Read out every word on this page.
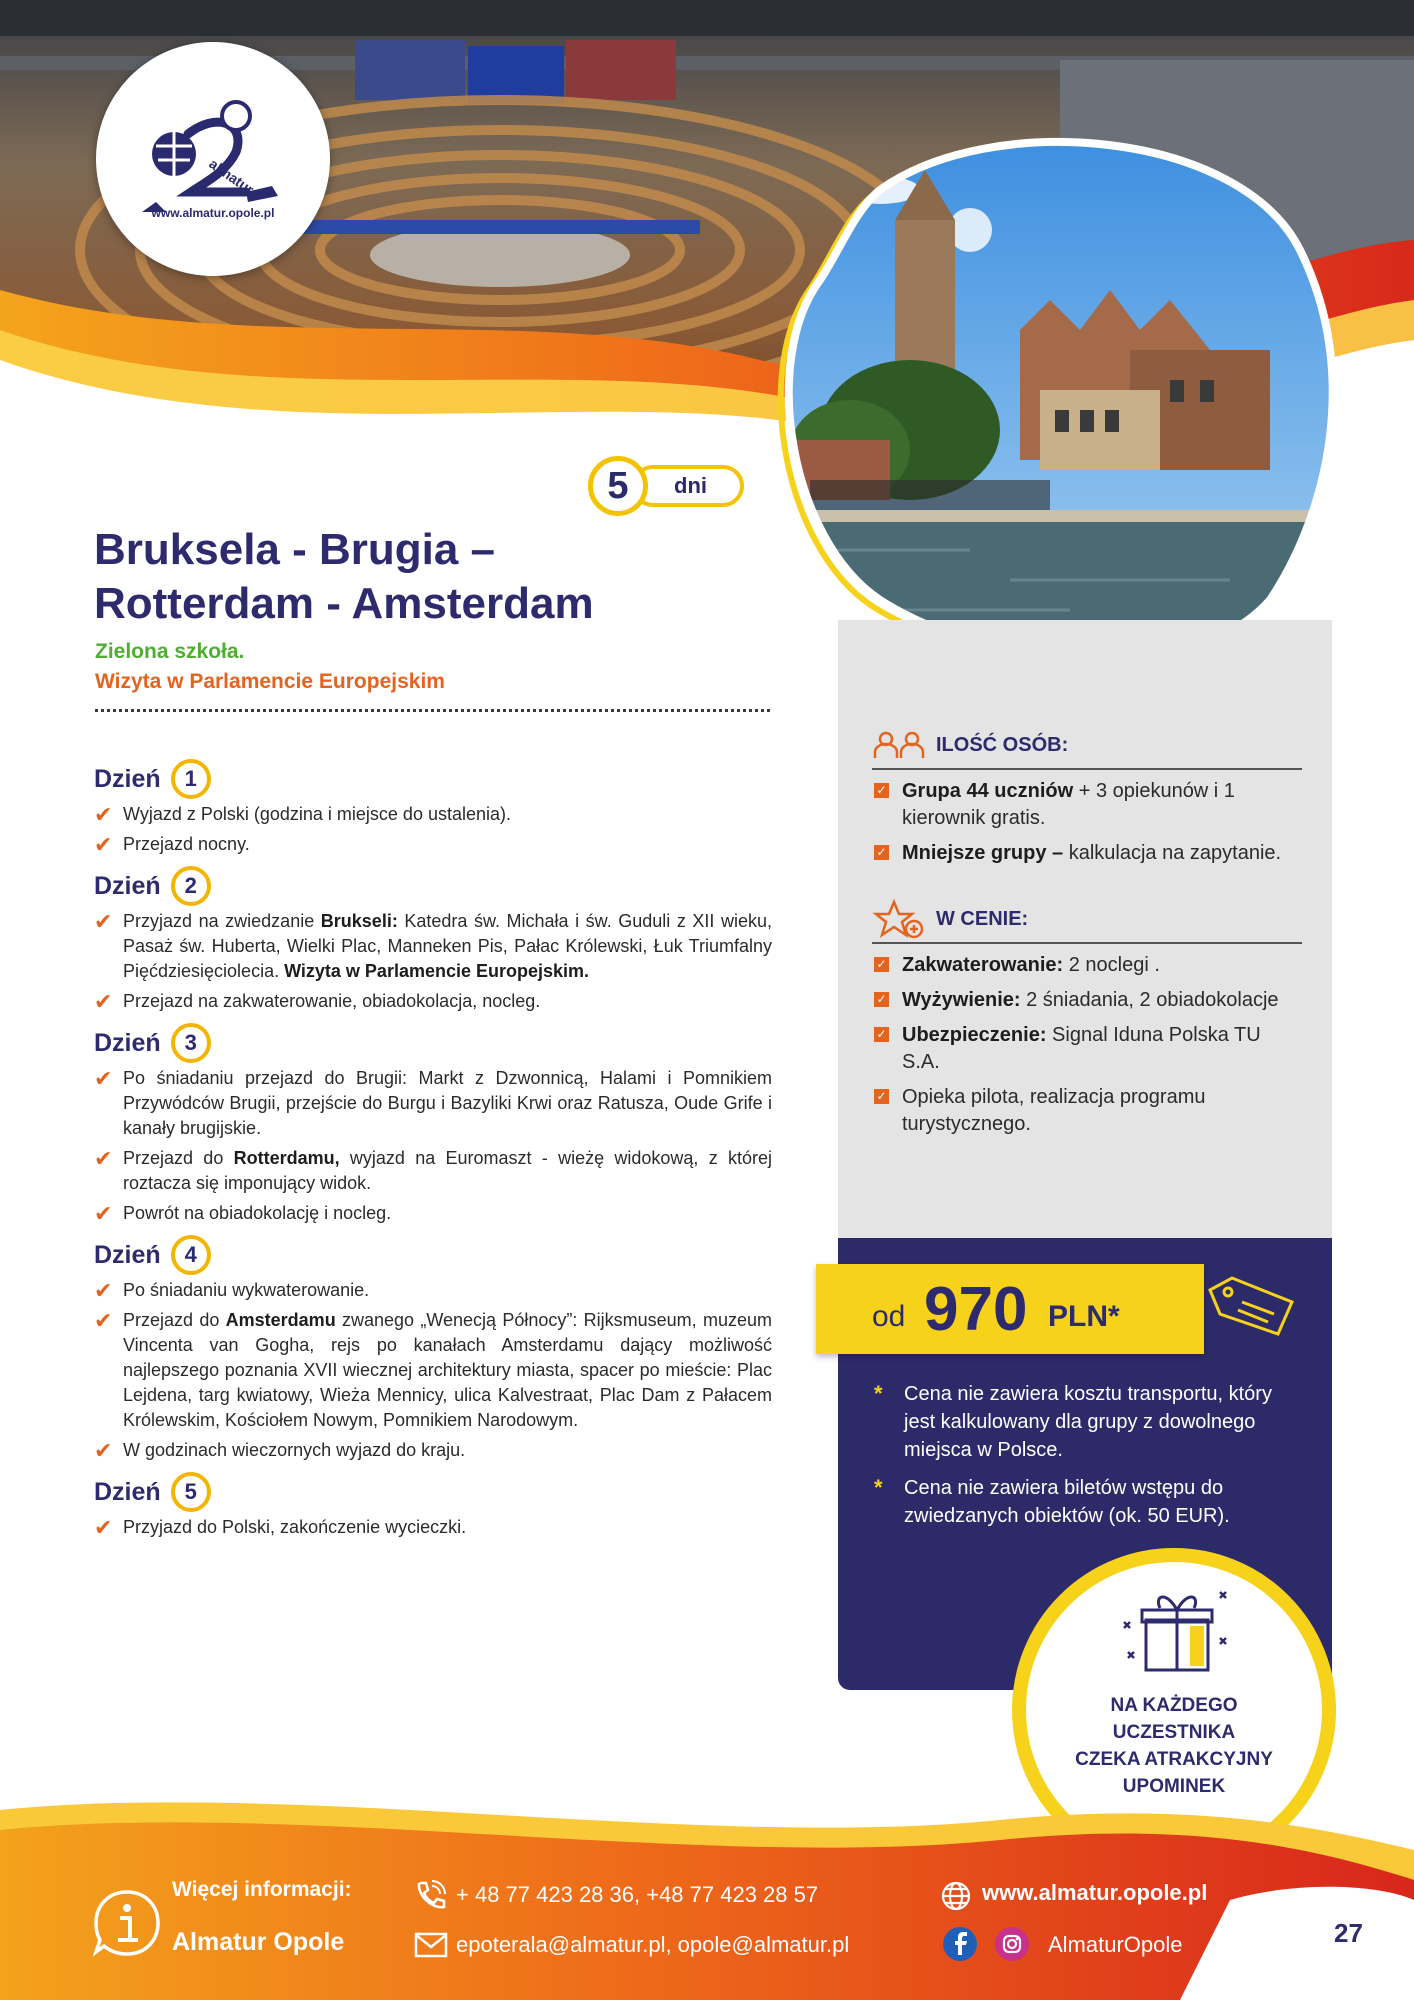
almatur
www.almatur.opole.pl
dni
5
Bruksela - Brugia –
Rotterdam - Amsterdam
Zielona szkoła.
Wizyta w Parlamencie Europejskim
Dzień	1
✔ Wyjazd z Polski (godzina i miejsce do ustalenia).
✔ Przejazd nocny.
Dzień	2
✔ Przyjazd na zwiedzanie Brukseli: Katedra św. Michała i św. Guduli z XII wieku, Pasaż św. Huberta, Wielki Plac, Manneken Pis, Pałac Królewski, Łuk Triumfalny Pięćdziesięciolecia. Wizyta w Parlamencie Europejskim.
✔ Przejazd na zakwaterowanie, obiadokolacja, nocleg.
Dzień	3
✔ Po śniadaniu przejazd do Brugii: Markt z Dzwonnicą, Halami i Pomnikiem Przywódców Brugii, przejście do Burgu i Bazyliki Krwi oraz Ratusza, Oude Grife i kanały brugijskie.
✔ Przejazd do Rotterdamu, wyjazd na Euromaszt - wieżę widokową, z której roztacza się imponujący widok.
✔ Powrót na obiadokolację i nocleg.
Dzień	4
✔ Po śniadaniu wykwaterowanie.
✔ Przejazd do Amsterdamu zwanego „Wenecją Północy”: Rijksmuseum, muzeum Vincenta van Gogha, rejs po kanałach Amsterdamu dający możliwość najlepszego poznania XVII wiecznej architektury miasta, spacer po mieście: Plac Lejdena, targ kwiatowy, Wieża Mennicy, ulica Kalvestraat, Plac Dam z Pałacem Królewskim, Kościołem Nowym, Pomnikiem Narodowym.
✔ W godzinach wieczornych wyjazd do kraju.
Dzień	5
✔ Przyjazd do Polski, zakończenie wycieczki.
ILOŚĆ OSÓB:
✓ Grupa 44 uczniów + 3 opiekunów i 1 kierownik gratis.
✓ Mniejsze grupy – kalkulacja na zapytanie.
W CENIE:
✓ Zakwaterowanie: 2 noclegi .
✓ Wyżywienie: 2 śniadania, 2 obiadokolacje
✓ Ubezpieczenie: Signal Iduna Polska TU S.A.
✓ Opieka pilota, realizacja programu turystycznego.
od 970 PLN*
* Cena nie zawiera kosztu transportu, który jest kalkulowany dla grupy z dowolnego miejsca w Polsce.
* Cena nie zawiera biletów wstępu do zwiedzanych obiektów (ok. 50 EUR).
NA KAŻDEGO
UCZESTNIKA
CZEKA ATRAKCYJNY
UPOMINEK
Więcej informacji:
Almatur Opole
+ 48 77 423 28 36, +48 77 423 28 57
epoterala@almatur.pl, opole@almatur.pl
www.almatur.opole.pl
AlmaturOpole	27
